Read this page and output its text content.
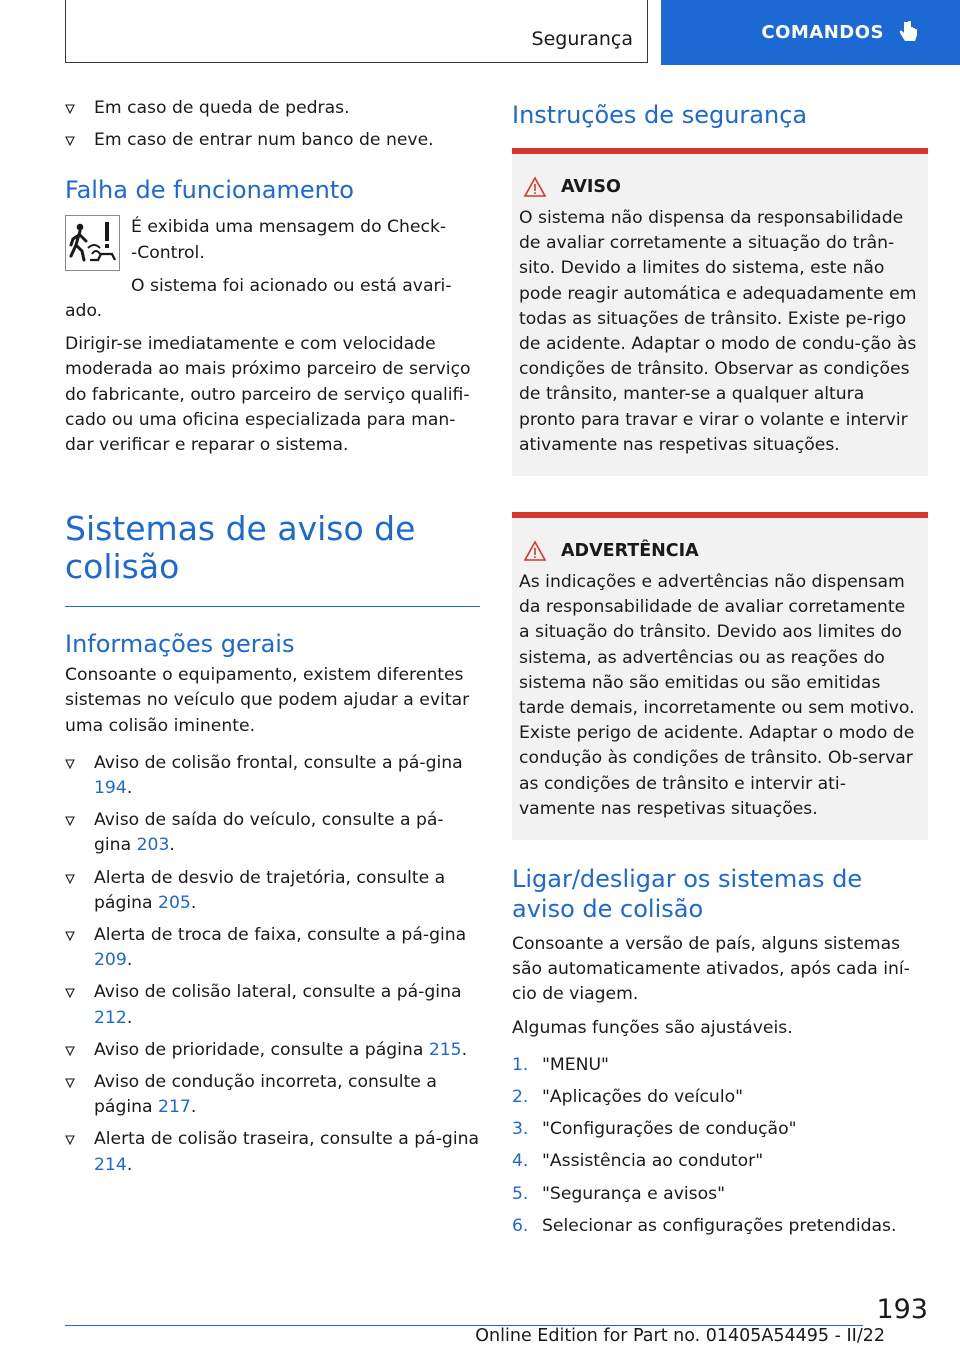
Segurança	COMANDOS
Em caso de queda de pedras.
Em caso de entrar num banco de neve.
Falha de funcionamento

É exibida uma mensagem do Check-
-Control.

O sistema foi acionado ou está avari-
ado.

Dirigir-se imediatamente e com velocidade moderada ao mais próximo parceiro de serviço do fabricante, outro parceiro de serviço qualifi-cado ou uma oficina especializada para man-dar verificar e reparar o sistema.

Sistemas de aviso de colisão
Informações gerais

Consoante o equipamento, existem diferentes sistemas no veículo que podem ajudar a evitar uma colisão iminente.

Aviso de colisão frontal, consulte a pá-gina 194.
Aviso de saída do veículo, consulte a pá-gina 203.
Alerta de desvio de trajetória, consulte a página 205.
Alerta de troca de faixa, consulte a pá-gina 209.
Aviso de colisão lateral, consulte a pá-gina 212.
Aviso de prioridade, consulte a página 215.
Aviso de condução incorreta, consulte a página 217.
Alerta de colisão traseira, consulte a pá-gina 214.
Instruções de segurança
AVISO

O sistema não dispensa da responsabilidade de avaliar corretamente a situação do trân-sito. Devido a limites do sistema, este não pode reagir automática e adequadamente em todas as situações de trânsito. Existe pe-rigo de acidente. Adaptar o modo de condu-ção às condições de trânsito. Observar as condições de trânsito, manter-se a qualquer altura pronto para travar e virar o volante e intervir ativamente nas respetivas situações.

ADVERTÊNCIA

As indicações e advertências não dispensam da responsabilidade de avaliar corretamente a situação do trânsito. Devido aos limites do sistema, as advertências ou as reações do sistema não são emitidas ou são emitidas tarde demais, incorretamente ou sem motivo. Existe perigo de acidente. Adaptar o modo de condução às condições de trânsito. Ob-servar as condições de trânsito e intervir ati-vamente nas respetivas situações.

Ligar/desligar os sistemas de aviso de colisão

Consoante a versão de país, alguns sistemas são automaticamente ativados, após cada iní-cio de viagem.

Algumas funções são ajustáveis.

1. "MENU"
2. "Aplicações do veículo"
3. "Configurações de condução"
4. "Assistência ao condutor"
5. "Segurança e avisos"
6. Selecionar as configurações pretendidas.
193
Online Edition for Part no. 01405A54495 - II/22
